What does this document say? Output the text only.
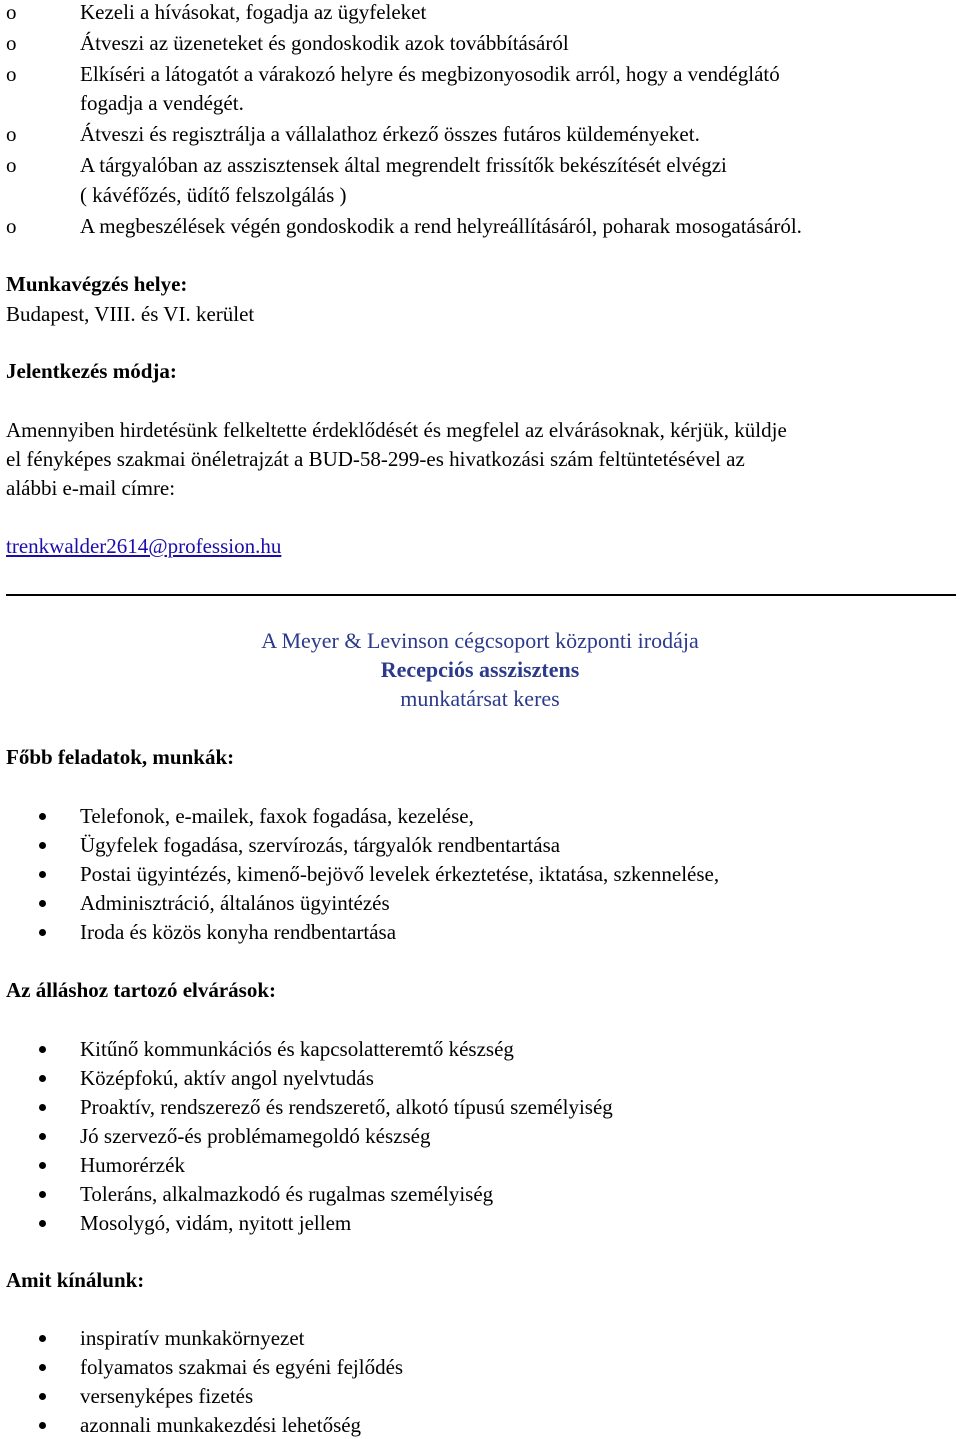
o	Kezeli a hívásokat, fogadja az ügyfeleket
o	Átveszi az üzeneteket és gondoskodik azok továbbításáról
o	Elkíséri a látogatót a várakozó helyre és megbizonyosodik arról, hogy a vendéglátó
fogadja a vendégét.
o	Átveszi és regisztrálja a vállalathoz érkező összes futáros küldeményeket.
o	A tárgyalóban az asszisztensek által megrendelt frissítők bekészítését elvégzi
( kávéfőzés, üdítő felszolgálás )
o	A megbeszélések végén gondoskodik a rend helyreállításáról, poharak mosogatásáról.
Munkavégzés helye:
Budapest, VIII. és VI. kerület
Jelentkezés módja:
Amennyiben hirdetésünk felkeltette érdeklődését és megfelel az elvárásoknak, kérjük, küldje
el fényképes szakmai önéletrajzát a BUD-58-299-es hivatkozási szám feltüntetésével az
alábbi e-mail címre:
trenkwalder2614@profession.hu
A Meyer & Levinson cégcsoport központi irodája
Recepciós asszisztens
munkatársat keres
Főbb feladatok, munkák:
Telefonok, e-mailek, faxok fogadása, kezelése,
Ügyfelek fogadása, szervírozás, tárgyalók rendbentartása
Postai ügyintézés, kimenő-bejövő levelek érkeztetése, iktatása, szkennelése,
Adminisztráció, általános ügyintézés
Iroda és közös konyha rendbentartása
Az álláshoz tartozó elvárások:
Kitűnő kommunkációs és kapcsolatteremtő készség
Középfokú, aktív angol nyelvtudás
Proaktív, rendszerező és rendszerető, alkotó típusú személyiség
Jó szervező-és problémamegoldó készség
Humorérzék
Toleráns, alkalmazkodó és rugalmas személyiség
Mosolygó, vidám, nyitott jellem
Amit kínálunk:
inspiratív munkakörnyezet
folyamatos szakmai és egyéni fejlődés
versenyképes fizetés
azonnali munkakezdési lehetőség
